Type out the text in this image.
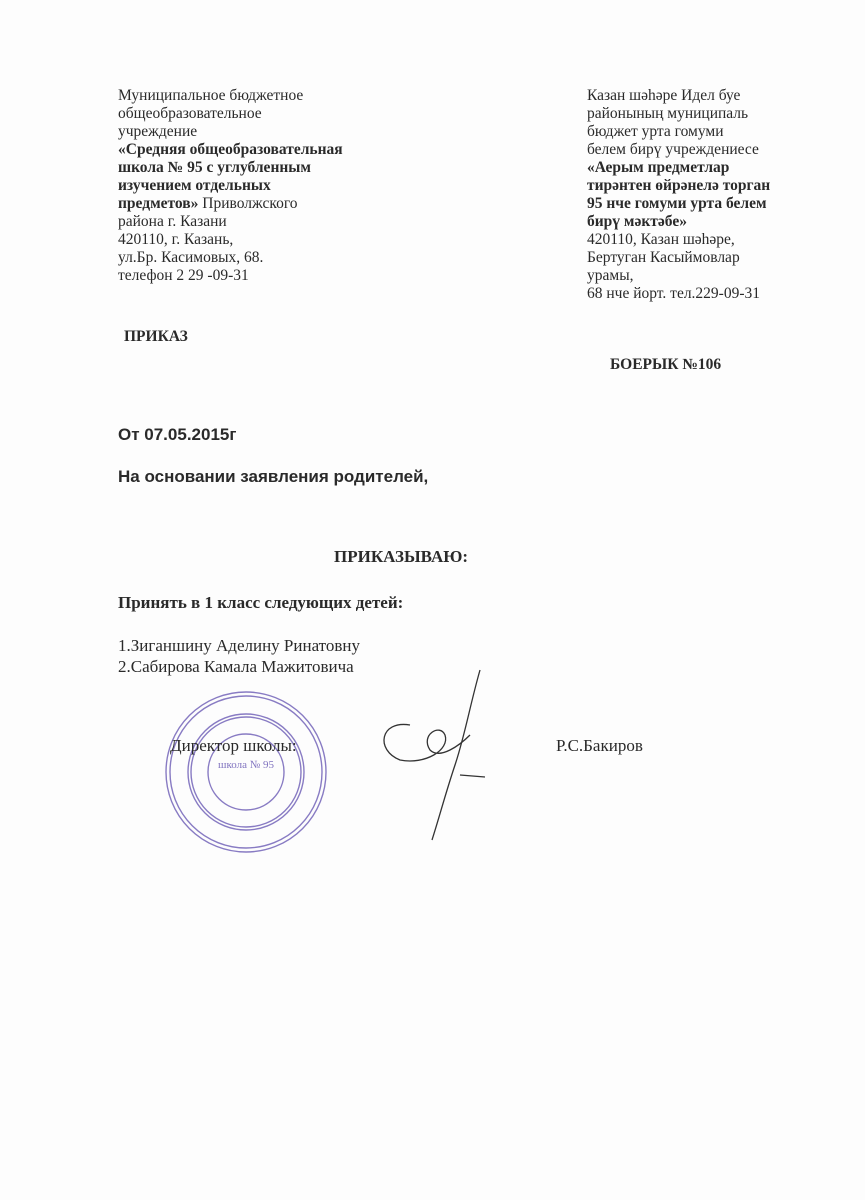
Муниципальное бюджетное
общеобразовательное
учреждение
«Средняя общеобразовательная
школа № 95 с углубленным
изучением отдельных
предметов» Приволжского
района г. Казани
420110, г. Казань,
ул.Бр. Касимовых, 68.
телефон 2 29 -09-31
Казан шәһәре Идел буе
районының муниципаль
бюджет урта гомуми
белем бирү учреждениесе
«Аерым предметлар
тирәнтен өйрәнелә торган
95 нче гомуми урта белем
бирү мәктәбе»
420110, Казан шәһәре,
Бертуган Касыймовлар
урамы,
68 нче йорт. тел.229-09-31
ПРИКАЗ
БОЕРЫК №106
От 07.05.2015г
На основании заявления родителей,
ПРИКАЗЫВАЮ:
Принять в 1 класс следующих детей:
1.Зиганшину Аделину Ринатовну
2.Сабирова Камала Мажитовича
школа № 95
Директор школы:	Р.С.Бакиров
